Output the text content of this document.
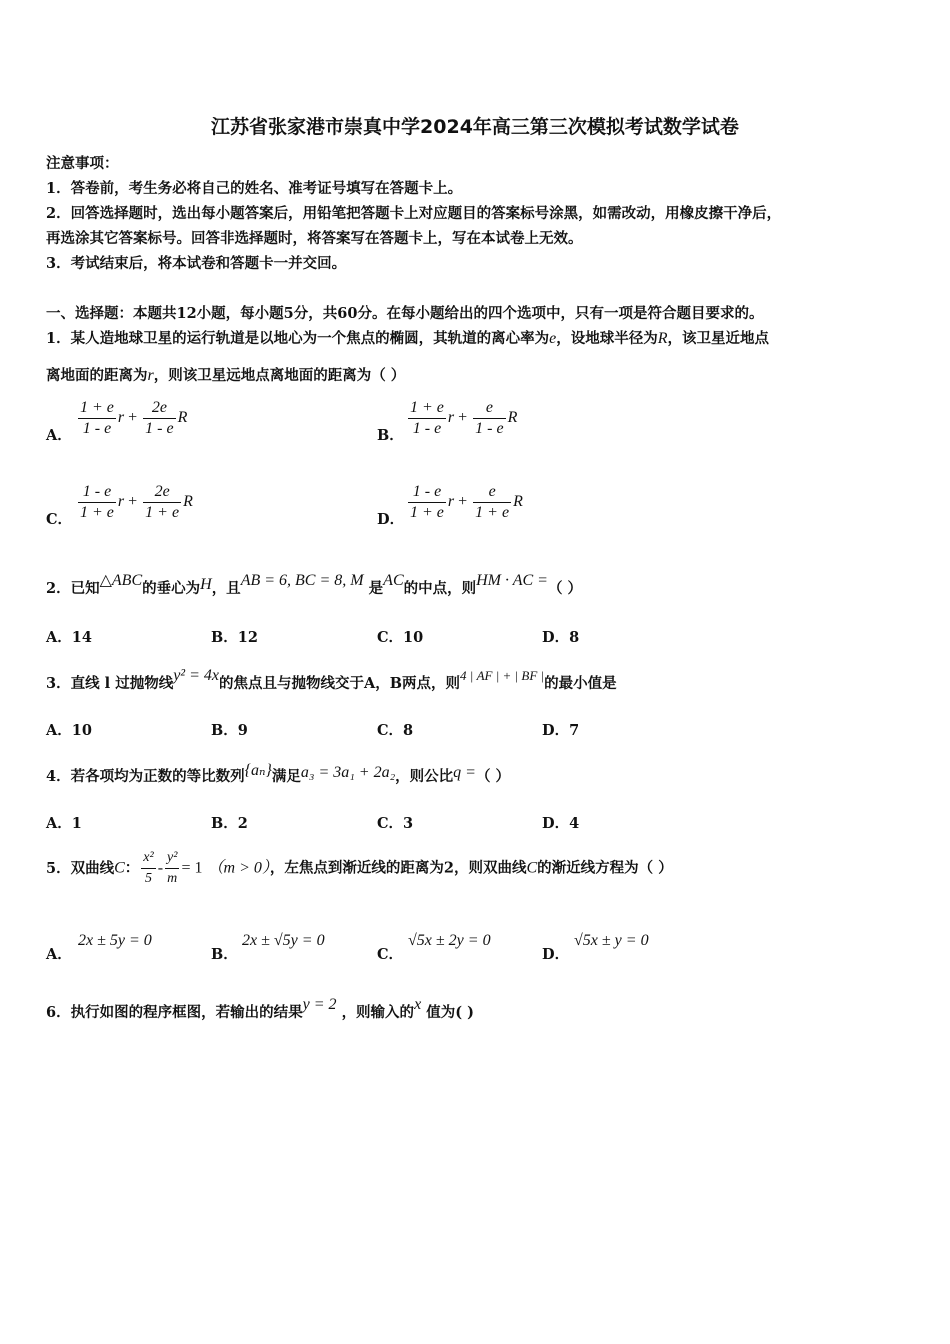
江苏省张家港市崇真中学2024年高三第三次模拟考试数学试卷
注意事项：
1．答卷前，考生务必将自己的姓名、准考证号填写在答题卡上。
2．回答选择题时，选出每小题答案后，用铅笔把答题卡上对应题目的答案标号涂黑，如需改动，用橡皮擦干净后，
再选涂其它答案标号。回答非选择题时，将答案写在答题卡上，写在本试卷上无效。
3．考试结束后，将本试卷和答题卡一并交回。
一、选择题：本题共12小题，每小题5分，共60分。在每小题给出的四个选项中，只有一项是符合题目要求的。
1．某人造地球卫星的运行轨道是以地心为一个焦点的椭圆，其轨道的离心率为e，设地球半径为R，该卫星近地点
离地面的距离为r，则该卫星远地点离地面的距离为（ ）
A． $\frac{1 + e}{1 - e}$ $r + \frac{2e}{1 - e}$ R
B． $\frac{1 + e}{1 - e}$ $r + \frac{e}{1 - e}$ R
C． $\frac{1 - e}{1 + e}$ $r + \frac{2e}{1 + e}$ R
D． $\frac{1 - e}{1 + e}$ $r + \frac{e}{1 + e}$ R
2．已知△ABC的垂心为H，且AB = 6, BC = 8, M 是AC的中点，则HM · AC =（ ）
A．14	B．12	C．10	D．8
3．直线 l 过抛物线y² = 4x的焦点且与抛物线交于A，B两点，则4 | AF | + | BF |的最小值是
A．10	B．9	C．8	D．7
4．若各项均为正数的等比数列{aₙ}满足a₃ = 3a₁ + 2a₂，则公比q =（ ）
A．1	B．2	C．3	D．4
5．双曲线C： $\frac{\text{x²}}{5} - \frac{\text{y²}}{m} = 1$ （m > 0），左焦点到渐近线的距离为2，则双曲线C的渐近线方程为（ ）
A．
2x ± 5y = 0
B．
2x ± √5y = 0
C．
√5x ± 2y = 0
D．
√5x ± y = 0
6．执行如图的程序框图，若输出的结果y = 2 ，则输入的x 值为( )
